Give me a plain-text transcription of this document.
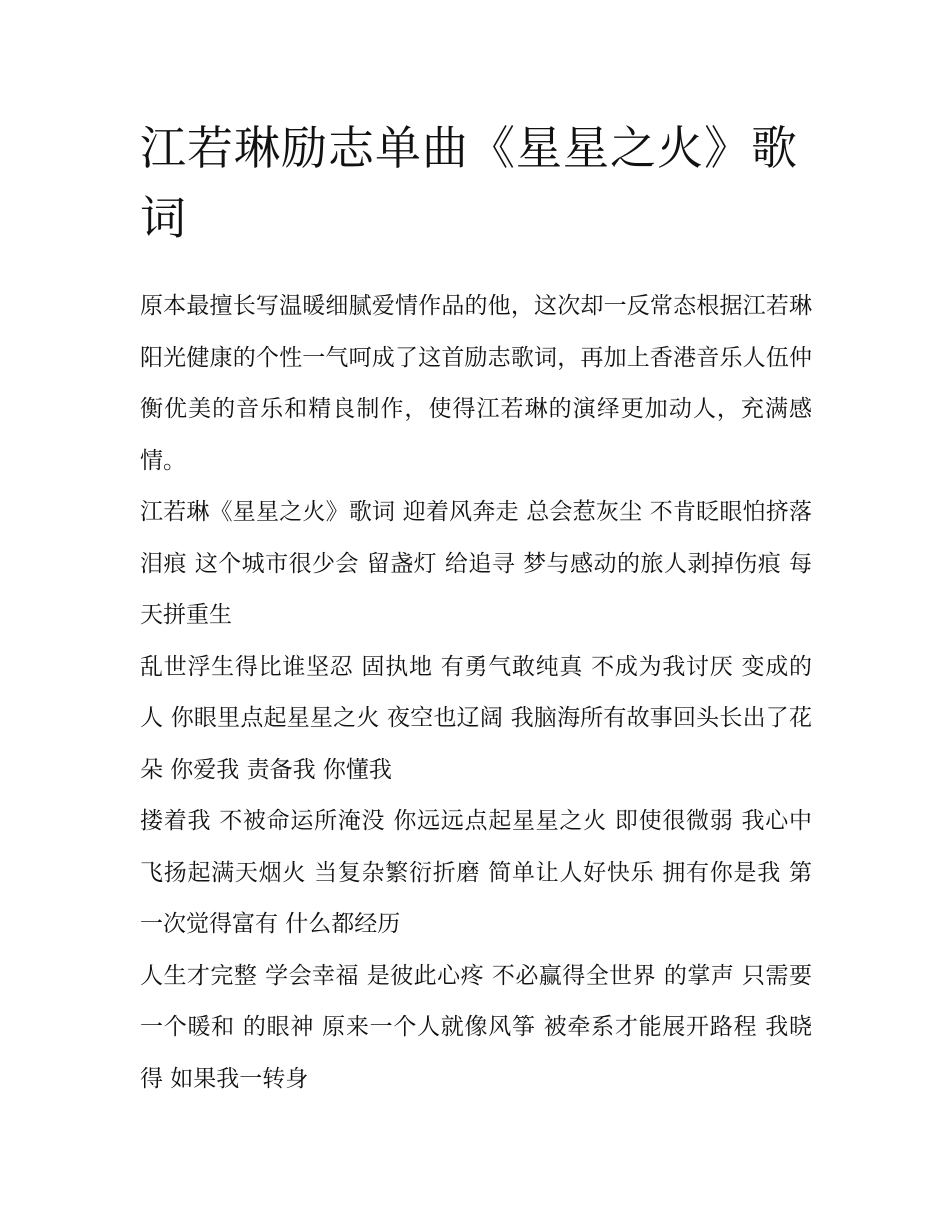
江若琳励志单曲《星星之火》歌词

原本最擅长写温暖细腻爱情作品的他，这次却一反常态根据江若琳阳光健康的个性一气呵成了这首励志歌词，再加上香港音乐人伍仲衡优美的音乐和精良制作，使得江若琳的演绎更加动人，充满感情。

江若琳《星星之火》歌词 迎着风奔走 总会惹灰尘 不肯眨眼怕挤落泪痕 这个城市很少会 留盏灯 给追寻 梦与感动的旅人剥掉伤痕 每天拼重生

乱世浮生得比谁坚忍 固执地 有勇气敢纯真 不成为我讨厌 变成的人 你眼里点起星星之火 夜空也辽阔 我脑海所有故事回头长出了花朵 你爱我 责备我 你懂我

搂着我 不被命运所淹没 你远远点起星星之火 即使很微弱 我心中 飞扬起满天烟火 当复杂繁衍折磨 简单让人好快乐 拥有你是我 第一次觉得富有 什么都经历

人生才完整 学会幸福 是彼此心疼 不必赢得全世界 的掌声 只需要 一个暖和 的眼神 原来一个人就像风筝 被牵系才能展开路程 我晓得 如果我一转身
